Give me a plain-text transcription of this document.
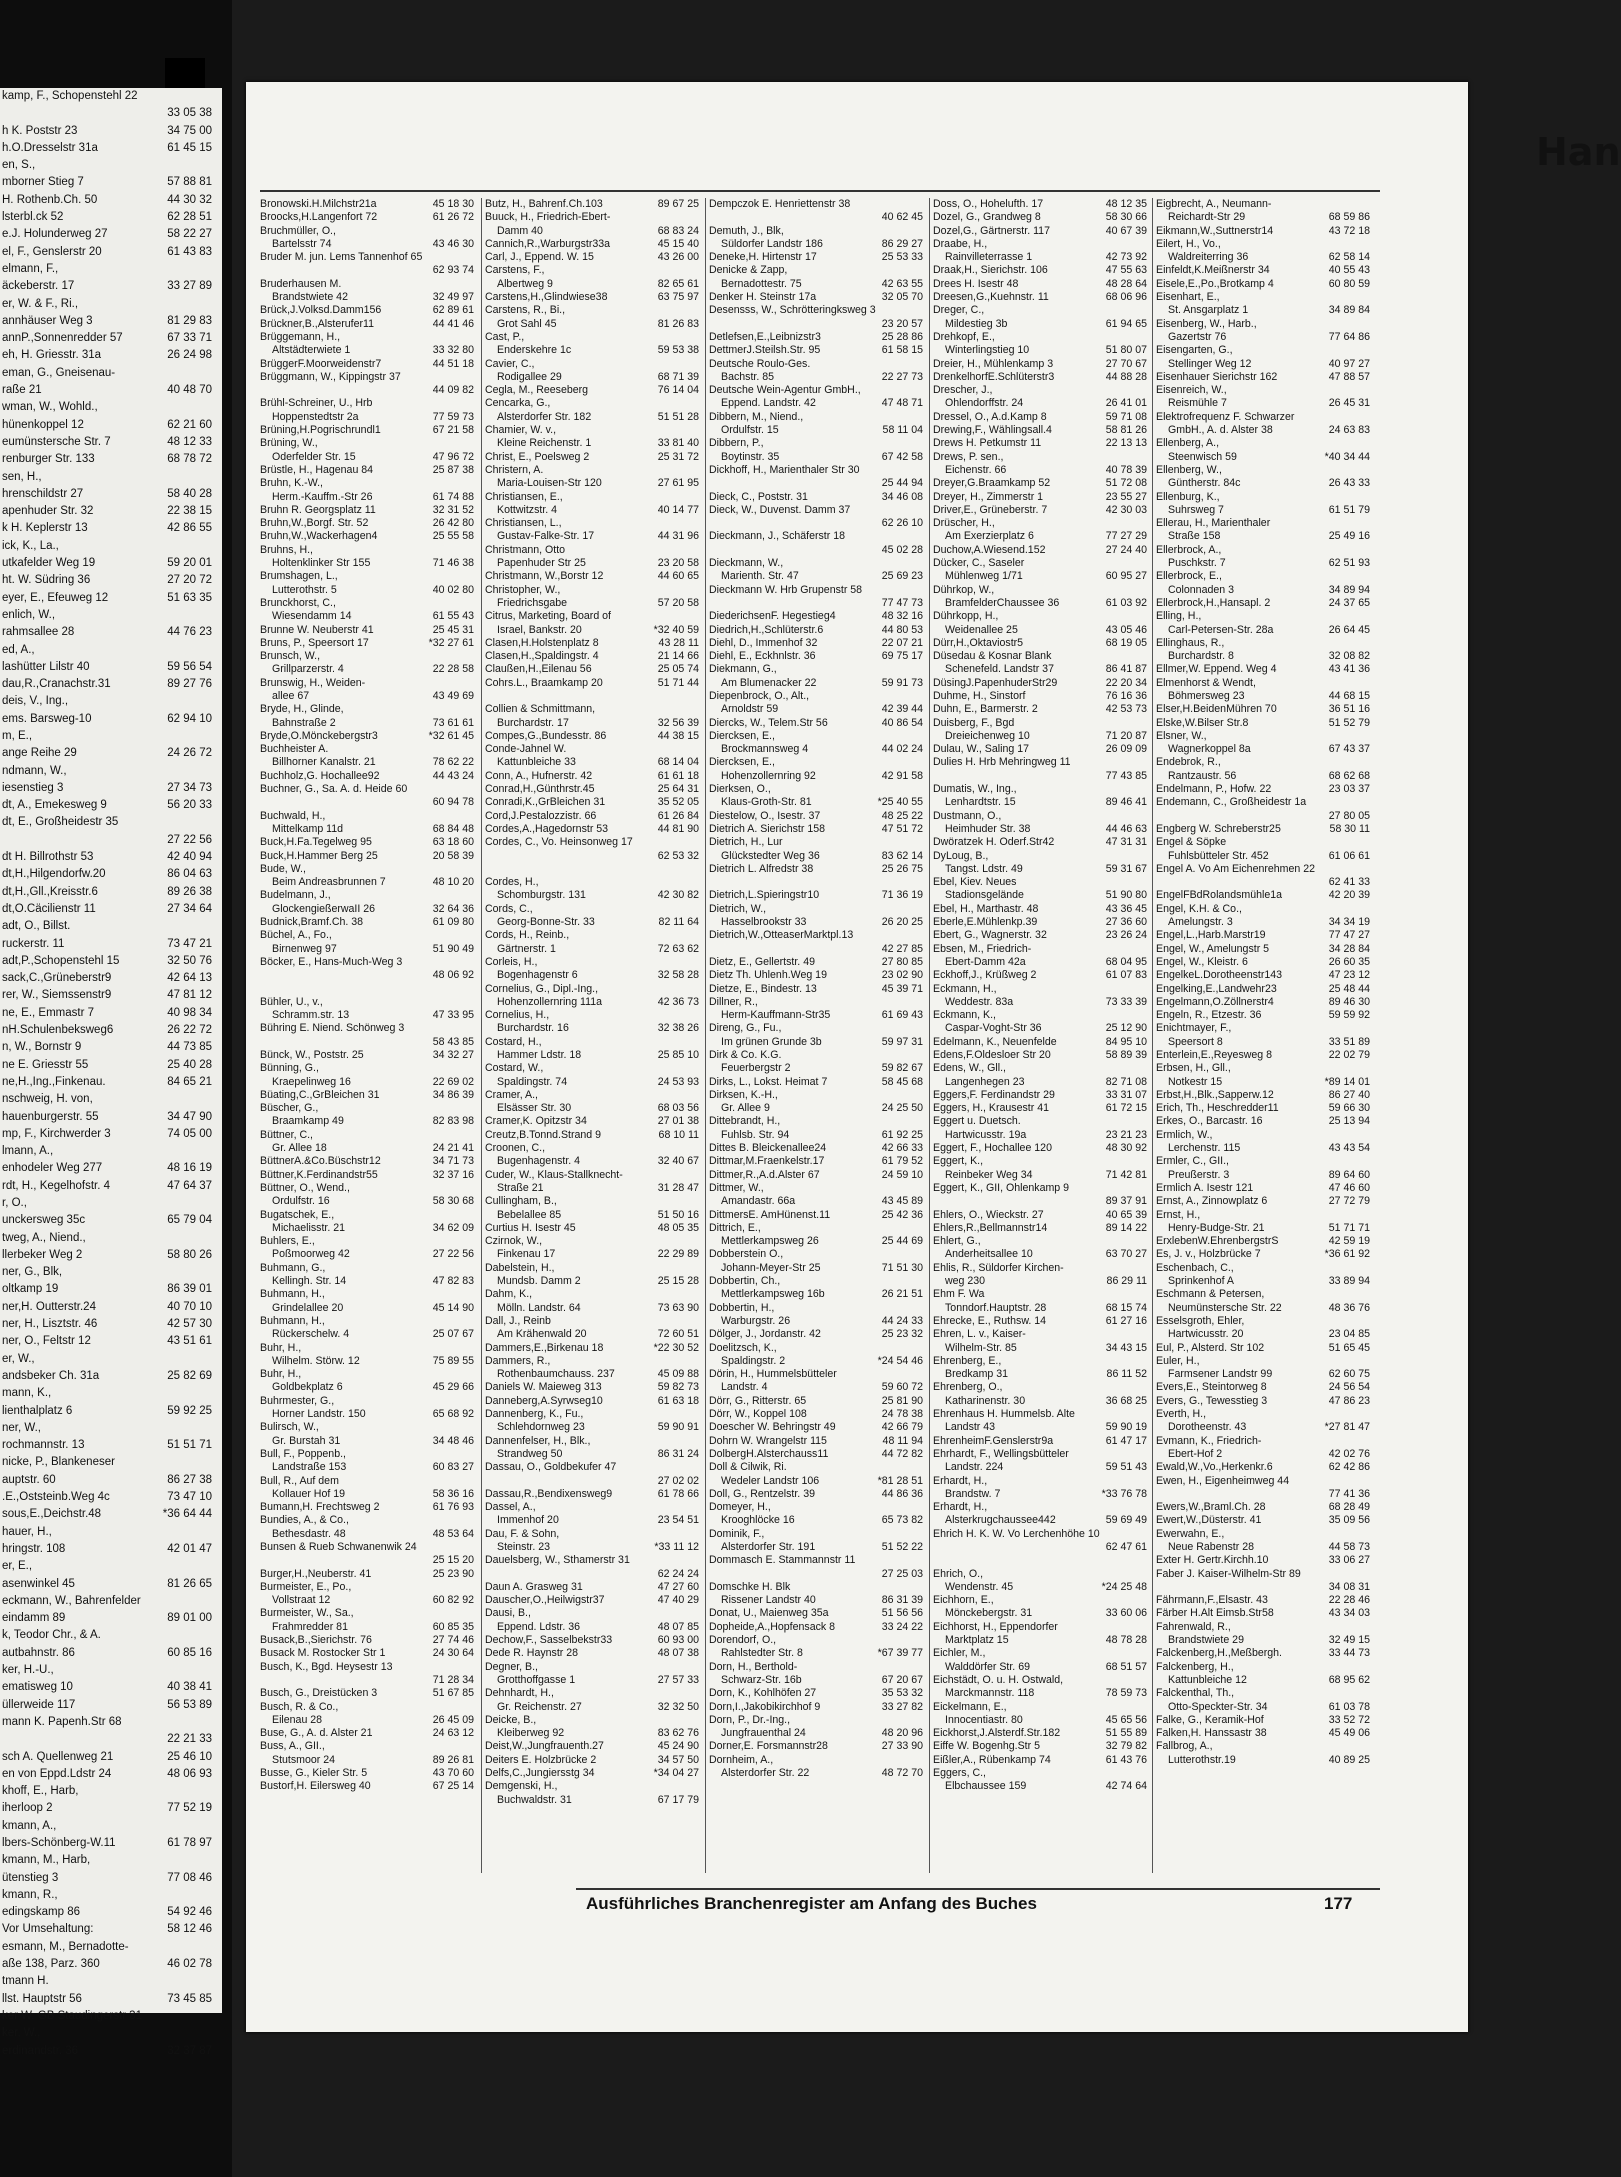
kamp, F., Schopenstehl 22
33 05 38
34 75 00
h K. Poststr 23
61 45 15
h.O.Dresselstr 31a
en, S.,
57 88 81
mborner Stieg 7
44 30 32
H. Rothenb.Ch. 50
62 28 51
lsterbl.ck 52
58 22 27
e.J. Holunderweg 27
61 43 83
el, F., Genslerstr 20
elmann, F.,
33 27 89
äckeberstr. 17
er, W. & F., Ri.,
81 29 83
annhäuser Weg 3
67 33 71
annP.,Sonnenredder 57
26 24 98
eh, H. Griesstr. 31a
eman, G., Gneisenau-
40 48 70
raße 21
wman, W., Wohld.,
62 21 60
hünenkoppel 12
48 12 33
eumünstersche Str. 7
68 78 72
renburger Str. 133
sen, H.,
58 40 28
hrenschildstr 27
22 38 15
apenhuder Str. 32
42 86 55
k H. Keplerstr 13
ick, K., La.,
59 20 01
utkafelder Weg 19
27 20 72
ht. W. Südring 36
51 63 35
eyer, E., Efeuweg 12
enlich, W.,
44 76 23
rahmsallee 28
ed, A.,
59 56 54
lashütter Lilstr 40
89 27 76
dau,R.,Cranachstr.31
deis, V., Ing.,
62 94 10
ems. Barsweg-10
m, E.,
24 26 72
ange Reihe 29
ndmann, W.,
27 34 73
iesenstieg 3
56 20 33
dt, A., Emekesweg 9
dt, E., Großheidestr 35
27 22 56
42 40 94
dt H. Billrothstr 53
86 04 63
dt,H.,Hilgendorfw.20
89 26 38
dt,H.,Gll.,Kreisstr.6
27 34 64
dt,O.Cäcilienstr 11
adt, O., Billst.
73 47 21
ruckerstr. 11
32 50 76
adt,P.,Schopenstehl 15
42 64 13
sack,C.,Grüneberstr9
47 81 12
rer, W., Siemssenstr9
40 98 34
ne, E., Emmastr 7
26 22 72
nH.Schulenbeksweg6
44 73 85
n, W., Bornstr 9
25 40 28
ne E. Griesstr 55
84 65 21
ne,H.,Ing.,Finkenau.
nschweig, H. von,
34 47 90
hauenburgerstr. 55
74 05 00
mp, F., Kirchwerder 3
lmann, A.,
48 16 19
enhodeler Weg 277
47 64 37
rdt, H., Kegelhofstr. 4
r, O.,
65 79 04
unckersweg 35c
tweg, A., Niend.,
58 80 26
llerbeker Weg 2
ner, G., Blk,
86 39 01
oltkamp 19
40 70 10
ner,H. Outterstr.24
42 57 30
ner, H., Lisztstr. 46
43 51 61
ner, O., Feltstr 12
er, W.,
25 82 69
andsbeker Ch. 31a
mann, K.,
59 92 25
lienthalplatz 6
ner, W.,
51 51 71
rochmannstr. 13
nicke, P., Blankeneser
86 27 38
auptstr. 60
73 47 10
.E.,Oststeinb.Weg 4c
*36 64 44
sous,E.,Deichstr.48
hauer, H.,
42 01 47
hringstr. 108
er, E.,
81 26 65
asenwinkel 45
eckmann, W., Bahrenfelder
89 01 00
eindamm 89
k, Teodor Chr., & A.
60 85 16
autbahnstr. 86
ker, H.-U.,
40 38 41
ematisweg 10
56 53 89
üllerweide 117
mann K. Papenh.Str 68
22 21 33
25 46 10
sch A. Quellenweg 21
48 06 93
en von Eppd.Ldstr 24
khoff, E., Harb,
77 52 19
iherloop 2
kmann, A.,
61 78 97
lbers-Schönberg-W.11
kmann, M., Harb,
77 08 46
ütenstieg 3
kmann, R.,
54 92 46
edingskamp 86
58 12 46
Vor Umsehaltung:
esmann, M., Bernadotte-
46 02 78
aße 138, Parz. 360
tmann H.
73 45 85
llst. Hauptstr 56
ker W. GB Staudingerstr 31
ker, W.,
32 37 87
erdinandstr. 36
Han
45 18 30
Bronowski.H.Milchstr21a
61 26 72
Broocks,H.Langenfort 72
Bruchmüller, O.,
43 46 30
Bartelsstr 74
Bruder M. jun. Lems Tannenhof 65
62 93 74
Bruderhausen M.
32 49 97
Brandstwiete 42
62 89 61
Brück,J.Volksd.Damm156
44 41 46
Brückner,B.,Alsterufer11
Brüggemann, H.,
33 32 80
Altstädterwiete 1
44 51 18
BrüggerF.Moorweidenstr7
Brüggmann, W., Kippingstr 37
44 09 82
Brühl-Schreiner, U., Hrb
77 59 73
Hoppenstedtstr 2a
67 21 58
Brüning,H.Pogrischrundl1
Brüning, W.,
47 96 72
Oderfelder Str. 15
25 87 38
Brüstle, H., Hagenau 84
Bruhn, K.-W.,
61 74 88
Herm.-Kauffm.-Str 26
32 31 52
Bruhn R. Georgsplatz 11
26 42 80
Bruhn,W.,Borgf. Str. 52
25 55 58
Bruhn,W.,Wackerhagen4
Bruhns, H.,
71 46 38
Holtenklinker Str 155
Brumshagen, L.,
40 02 80
Lutterothstr. 5
Brunckhorst, C.,
61 55 43
Wiesendamm 14
25 45 31
Brunne W. Neuberstr 41
*32 27 61
Bruns, P., Speersort 17
Brunsch, W.,
22 28 58
Grillparzerstr. 4
Brunswig, H., Weiden-
43 49 69
allee 67
Bryde, H., Glinde,
73 61 61
Bahnstraße 2
*32 61 45
Bryde,O.Mönckebergstr3
Buchheister A.
78 62 22
Billhorner Kanalstr. 21
44 43 24
Buchholz,G. Hochallee92
Buchner, G., Sa. A. d. Heide 60
60 94 78
Buchwald, H.,
68 84 48
Mittelkamp 11d
63 18 60
Buck,H.Fa.Tegelweg 95
20 58 39
Buck,H.Hammer Berg 25
Bude, W.,
48 10 20
Beim Andreasbrunnen 7
Budelmann, J.,
32 64 36
GlockengießerwaII 26
61 09 80
Budnick,Bramf.Ch. 38
Büchel, A., Fo.,
51 90 49
Birnenweg 97
Böcker, E., Hans-Much-Weg 3
48 06 92
Bühler, U., v.,
47 33 95
Schramm.str. 13
Bühring E. Niend. Schönweg 3
58 43 85
34 32 27
Bünck, W., Poststr. 25
Bünning, G.,
22 69 02
Kraepelinweg 16
34 86 39
Büating,C.,GrBleichen 31
Büscher, G.,
82 83 98
Braamkamp 49
Büttner, C.,
24 21 41
Gr. Allee 18
34 71 73
BüttnerA.&Co.Büschstr12
32 37 16
Büttner,K.Ferdinandstr55
Büttner, O., Wend.,
58 30 68
Ordulfstr. 16
Bugatschek, E.,
34 62 09
Michaelisstr. 21
Buhlers, E.,
27 22 56
Poßmoorweg 42
Buhmann, G.,
47 82 83
Kellingh. Str. 14
Buhmann, H.,
45 14 90
Grindelallee 20
Buhmann, H.,
25 07 67
Rückerschelw. 4
Buhr, H.,
75 89 55
Wilhelm. Störw. 12
Buhr, H.,
45 29 66
Goldbekplatz 6
Buhrmester, G.,
65 68 92
Horner Landstr. 150
Bulirsch, W.,
34 48 46
Gr. Burstah 31
Bull, F., Poppenb.,
60 83 27
Landstraße 153
Bull, R., Auf dem
58 36 16
Kollauer Hof 19
61 76 93
Bumann,H. Frechtsweg 2
Bundies, A., & Co.,
48 53 64
Bethesdastr. 48
Bunsen & Rueb Schwanenwik 24
25 15 20
25 23 90
Burger,H.,Neuberstr. 41
Burmeister, E., Po.,
60 82 92
Vollstraat 12
Burmeister, W., Sa.,
60 85 35
Frahmredder 81
27 74 46
Busack,B.,Sierichstr. 76
24 30 64
Busack M. Rostocker Str 1
Busch, K., Bgd. Heysestr 13
71 28 34
51 67 85
Busch, G., Dreistücken 3
Busch, R. & Co.,
26 45 09
Eilenau 28
24 63 12
Buse, G., A. d. Alster 21
Buss, A., GII.,
89 26 81
Stutsmoor 24
43 70 60
Busse, G., Kieler Str. 5
67 25 14
Bustorf,H. Eilersweg 40
89 67 25
Butz, H., Bahrenf.Ch.103
Buuck, H., Friedrich-Ebert-
68 83 24
Damm 40
45 15 40
Cannich,R.,Warburgstr33a
43 26 00
Carl, J., Eppend. W. 15
Carstens, F.,
82 65 61
Albertweg 9
63 75 97
Carstens,H.,Glindwiese38
Carstens, R., Bi.,
81 26 83
Grot Sahl 45
Cast, P.,
59 53 38
Enderskehre 1c
Cavier, C.,
68 71 39
Rodigallee 29
76 14 04
Cegla, M., Reeseberg
Cencarka, G.,
51 51 28
Alsterdorfer Str. 182
Chamier, W. v.,
33 81 40
Kleine Reichenstr. 1
25 31 72
Christ, E., Poelsweg 2
Christern, A.
27 61 95
Maria-Louisen-Str 120
Christiansen, E.,
40 14 77
Kottwitzstr. 4
Christiansen, L.,
44 31 96
Gustav-Falke-Str. 17
Christmann, Otto
23 20 58
Papenhuder Str 25
44 60 65
Christmann, W.,Borstr 12
Christopher, W.,
57 20 58
Friedrichsgabe
Citrus, Marketing, Board of
*32 40 59
Israel, Bankstr. 20
43 28 11
Clasen,H.Holstenplatz 8
21 14 66
Clasen,H.,Spaldingstr. 4
25 05 74
Claußen,H.,Eilenau 56
51 71 44
Cohrs.L., Braamkamp 20
Collien & Schmittmann,
32 56 39
Burchardstr. 17
44 38 15
Compes,G.,Bundesstr. 86
Conde-Jahnel W.
68 14 04
Kattunbleiche 33
61 61 18
Conn, A., Hufnerstr. 42
25 64 31
Conrad,H.,Günthrstr.45
35 52 05
Conradi,K.,GrBleichen 31
61 26 84
Cord,J.Pestalozzistr. 66
44 81 90
Cordes,A.,Hagedornstr 53
Cordes, C., Vo. Heinsonweg 17
62 53 32
Cordes, H.,
42 30 82
Schomburgstr. 131
Cords, C.,
82 11 64
Georg-Bonne-Str. 33
Cords, H., Reinb.,
72 63 62
Gärtnerstr. 1
Corleis, H.,
32 58 28
Bogenhagenstr 6
Cornelius, G., Dipl.-Ing.,
42 36 73
Hohenzollernring 111a
Cornelius, H.,
32 38 26
Burchardstr. 16
Costard, H.,
25 85 10
Hammer Ldstr. 18
Costard, W.,
24 53 93
Spaldingstr. 74
Cramer, A.,
68 03 56
Elsässer Str. 30
27 01 38
Cramer,K. Opitzstr 34
68 10 11
Creutz,B.Tonnd.Strand 9
Croonen, C.,
32 40 67
Bugenhagenstr. 4
Cuder, W., Klaus-Stallknecht-
31 28 47
Straße 21
Cullingham, B.,
51 50 16
Bebelallee 85
48 05 35
Curtius H. Isestr 45
Czirnok, W.,
22 29 89
Finkenau 17
Dabelstein, H.,
25 15 28
Mundsb. Damm 2
Dahm, K.,
73 63 90
Mölln. Landstr. 64
Dall, J., Reinb
72 60 51
Am Krähenwald 20
*22 30 52
Dammers,E.,Birkenau 18
Dammers, R.,
45 09 88
Rothenbaumchauss. 237
59 82 73
Daniels W. Maieweg 313
61 63 18
Danneberg,A.Syrwseg10
Dannenberg, K., Fu.,
59 90 91
Schlehdornweg 23
Dannenfelser, H., Blk.,
86 31 24
Strandweg 50
Dassau, O., Goldbekufer 47
27 02 02
61 78 66
Dassau,R.,Bendixensweg9
Dassel, A.,
23 54 51
Immenhof 20
Dau, F. & Sohn,
*33 11 12
Steinstr. 23
Dauelsberg, W., Sthamerstr 31
62 24 24
47 27 60
Daun A. Grasweg 31
47 40 29
Dauscher,O.,Heilwigstr37
Dausi, B.,
48 07 85
Eppend. Ldstr. 36
60 93 00
Dechow,F., Sasselbekstr33
48 07 38
Dede R. Haynstr 28
Degner, B.,
27 57 33
Grotthoffgasse 1
Dehnhardt, H.,
32 32 50
Gr. Reichenstr. 27
Deicke, B.,
83 62 76
Kleiberweg 92
45 24 90
Deist,W.,Jungfrauenth.27
34 57 50
Deiters E. Holzbrücke 2
*34 04 27
Delfs,C.,Jungiersstg 34
Demgenski, H.,
67 17 79
Buchwaldstr. 31
Dempczok E. Henriettenstr 38
40 62 45
Demuth, J., Blk,
86 29 27
Süldorfer Landstr 186
25 53 33
Deneke,H. Hirtenstr 17
Denicke & Zapp,
42 63 55
Bernadottestr. 75
32 05 70
Denker H. Steinstr 17a
Desensss, W., Schrötteringksweg 3
23 20 57
25 28 86
Detlefsen,E.,Leibnizstr3
61 58 15
DettmerJ.Steilsh.Str. 95
Deutsche Roulo-Ges.
22 27 73
Bachstr. 85
Deutsche Wein-Agentur GmbH.,
47 48 71
Eppend. Landstr. 42
Dibbern, M., Niend.,
58 11 04
Ordulfstr. 15
Dibbern, P.,
67 42 58
Boytinstr. 35
Dickhoff, H., Marienthaler Str 30
25 44 94
34 46 08
Dieck, C., Poststr. 31
Dieck, W., Duvenst. Damm 37
62 26 10
Dieckmann, J., Schäferstr 18
45 02 28
Dieckmann, W.,
25 69 23
Marienth. Str. 47
Dieckmann W. Hrb Grupenstr 58
77 47 73
48 32 16
DiederichsenF. Hegestieg4
44 80 53
Diedrich,H.,Schlüterstr.6
22 07 21
Diehl, D., Immenhof 32
69 75 17
Diehl, E., Eckhnlstr. 36
Diekmann, G.,
59 91 73
Am Blumenacker 22
Diepenbrock, O., Alt.,
42 39 44
Arnoldstr 59
40 86 54
Diercks, W., Telem.Str 56
Diercksen, E.,
44 02 24
Brockmannsweg 4
Diercksen, E.,
42 91 58
Hohenzollernring 92
Dierksen, O.,
*25 40 55
Klaus-Groth-Str. 81
48 25 22
Diestelow, O., Isestr. 37
47 51 72
Dietrich A. Sierichstr 158
Dietrich, H., Lur
83 62 14
Glückstedter Weg 36
25 26 75
Dietrich L. Alfredstr 38
71 36 19
Dietrich,L.Spieringstr10
Dietrich, W.,
26 20 25
Hasselbrookstr 33
Dietrich,W.,OtteaserMarktpl.13
42 27 85
27 80 85
Dietz, E., Gellertstr. 49
23 02 90
Dietz Th. Uhlenh.Weg 19
45 39 71
Dietze, E., Bindestr. 13
Dillner, R.,
61 69 43
Herm-Kauffmann-Str35
Direng, G., Fu.,
59 97 31
Im grünen Grunde 3b
Dirk & Co. K.G.
59 82 67
Feuerbergstr 2
58 45 68
Dirks, L., Lokst. Heimat 7
Dirksen, K.-H.,
24 25 50
Gr. Allee 9
Dittebrandt, H.,
61 92 25
Fuhlsb. Str. 94
42 66 33
Dittes B. Bleickenallee24
61 79 52
Dittmar,M.Fraenkelstr.17
24 59 10
Dittmer,R.,A.d.Alster 67
Dittmer, W.,
43 45 89
Amandastr. 66a
25 42 36
DittmersE. AmHünenst.11
Dittrich, E.,
25 44 69
Mettlerkampsweg 26
Dobberstein O.,
71 51 30
Johann-Meyer-Str 25
Dobbertin, Ch.,
26 21 51
Mettlerkampsweg 16b
Dobbertin, H.,
44 24 33
Warburgstr. 26
25 23 32
Dölger, J., Jordanstr. 42
Doelitzsch, K.,
*24 54 46
Spaldingstr. 2
Dörin, H., Hummelsbütteler
59 60 72
Landstr. 4
25 81 90
Dörr, G., Ritterstr. 65
24 78 38
Dörr, W., Koppel 108
42 66 79
Doescher W. Behringstr 49
48 11 94
Dohrn W. Wrangelstr 115
44 72 82
DolbergH.Alsterchauss11
Doll & Cilwik, Ri.
*81 28 51
Wedeler Landstr 106
44 86 36
Doll, G., Rentzelstr. 39
Domeyer, H.,
65 73 82
Krooghlöcke 16
Dominik, F.,
51 52 22
Alsterdorfer Str. 191
Dommasch E. Stammannstr 11
27 25 03
Domschke H. Blk
86 31 39
Rissener Landstr 40
51 56 56
Donat, U., Maienweg 35a
33 24 22
Dopheide,A.,Hopfensack 8
Dorendorf, O.,
*67 39 77
Rahlstedter Str. 8
Dorn, H., Berthold-
67 20 67
Schwarz-Str. 16b
35 53 32
Dorn, K., Kohlhöfen 27
33 27 82
Dorn,I.,Jakobikirchhof 9
Dorn, P., Dr.-Ing.,
48 20 96
Jungfrauenthal 24
27 33 90
Dorner,E. Forsmannstr28
Dornheim, A.,
48 72 70
Alsterdorfer Str. 22
48 12 35
Doss, O., Hohelufth. 17
58 30 66
Dozel, G., Grandweg 8
40 67 39
Dozel,G., Gärtnerstr. 117
Draabe, H.,
42 73 92
Rainvilleterrasse 1
47 55 63
Draak,H., Sierichstr. 106
48 28 64
Drees H. Isestr 48
68 06 96
Dreesen,G.,Kuehnstr. 11
Dreger, C.,
61 94 65
Mildestieg 3b
Drehkopf, E.,
51 80 07
Winterlingstieg 10
27 70 67
Dreier, H., Mühlenkamp 3
44 88 28
DrenkelhorfE.Schlüterstr3
Drescher, J.,
26 41 01
Ohlendorffstr. 24
59 71 08
Dressel, O., A.d.Kamp 8
58 81 26
Drewing,F., Wählingsall.4
22 13 13
Drews H. Petkumstr 11
Drews, P. sen.,
40 78 39
Eichenstr. 66
51 72 08
Dreyer,G.Braamkamp 52
23 55 27
Dreyer, H., Zimmerstr 1
42 30 03
Driver,E., Grüneberstr. 7
Drüscher, H.,
77 27 29
Am Exerzierplatz 6
27 24 40
Duchow,A.Wiesend.152
Dücker, C., Saseler
60 95 27
Mühlenweg 1/71
Dührkop, W.,
61 03 92
BramfelderChaussee 36
Dührkopp, H.,
43 05 46
Weidenallee 25
68 19 05
Dürr,H.,Oktaviostr5
Düsedau & Kosnar Blank
86 41 87
Schenefeld. Landstr 37
22 20 34
DüsingJ.PapenhuderStr29
76 16 36
Duhme, H., Sinstorf
42 53 73
Duhn, E., Barmerstr. 2
Duisberg, F., Bgd
71 20 87
Dreieichenweg 10
26 09 09
Dulau, W., Saling 17
Dulies H. Hrb Mehringweg 11
77 43 85
Dumatis, W., Ing.,
89 46 41
Lenhardtstr. 15
Dustmann, O.,
44 46 63
Heimhuder Str. 38
47 31 31
Dwöratzek H. Oderf.Str42
DyLoug, B.,
59 31 67
Tangst. Ldstr. 49
Ebel, Kiev. Neues
51 90 80
Stadionsgelände
43 36 45
Ebel, H., Marthastr. 48
27 36 60
Eberle,E.Mühlenkp.39
23 26 24
Ebert, G., Wagnerstr. 32
Ebsen, M., Friedrich-
68 04 95
Ebert-Damm 42a
61 07 83
Eckhoff,J., Krüßweg 2
Eckmann, H.,
73 33 39
Weddestr. 83a
Eckmann, K.,
25 12 90
Caspar-Voght-Str 36
84 95 10
Edelmann, K., Neuenfelde
58 89 39
Edens,F.Oldesloer Str 20
Edens, W., Gll.,
82 71 08
Langenhegen 23
33 31 07
Eggers,F. Ferdinandstr 29
61 72 15
Eggers, H., Krausestr 41
Eggert u. Duetsch.
23 21 23
Hartwicusstr. 19a
48 30 92
Eggert, F., Hochallee 120
Eggert, K.,
71 42 81
Reinbeker Weg 34
Eggert, K., GII, Ohlenkamp 9
89 37 91
40 65 39
Ehlers, O., Wieckstr. 27
89 14 22
Ehlers,R.,Bellmannstr14
Ehlert, G.,
63 70 27
Anderheitsallee 10
Ehlis, R., Süldorfer Kirchen-
86 29 11
weg 230
Ehm F. Wa
68 15 74
Tonndorf.Hauptstr. 28
61 27 16
Ehrecke, E., Ruthsw. 14
Ehren, L. v., Kaiser-
34 43 15
Wilhelm-Str. 85
Ehrenberg, E.,
86 11 52
Bredkamp 31
Ehrenberg, O.,
36 68 25
Katharinenstr. 30
Ehrenhaus H. Hummelsb. Alte
59 90 19
Landstr 43
61 47 17
EhrenheimF.Genslerstr9a
Ehrhardt, F., Wellingsbütteler
59 51 43
Landstr. 224
Erhardt, H.,
*33 76 78
Brandstw. 7
Erhardt, H.,
59 69 49
Alsterkrugchaussee442
Ehrich H. K. W. Vo Lerchenhöhe 10
62 47 61
Ehrich, O.,
*24 25 48
Wendenstr. 45
Eichhorn, E.,
33 60 06
Mönckebergstr. 31
Eichhorst, H., Eppendorfer
48 78 28
Marktplatz 15
Eichler, M.,
68 51 57
Walddörfer Str. 69
Eichstädt, O. u. H. Ostwald,
78 59 73
Marckmannstr. 118
Eickelmann, E.,
45 65 56
Innocentiastr. 80
51 55 89
Eickhorst,J.Alsterdf.Str.182
32 79 82
Eiffe W. Bogenhg.Str 5
61 43 76
Eißler,A., Rübenkamp 74
Eggers, C.,
42 74 64
Elbchaussee 159
Eigbrecht, A., Neumann-
68 59 86
Reichardt-Str 29
43 72 18
Eikmann,W.,Suttnerstr14
Eilert, H., Vo.,
62 58 14
Waldreiterring 36
40 55 43
Einfeldt,K.Meißnerstr 34
60 80 59
Eisele,E.,Po.,Brotkamp 4
Eisenhart, E.,
34 89 84
St. Ansgarplatz 1
Eisenberg, W., Harb.,
77 64 86
Gazertstr 76
Eisengarten, G.,
40 97 27
Stellinger Weg 12
47 88 57
Eisenhauer Sierichstr 162
Eisenreich, W.,
26 45 31
Reismühle 7
Elektrofrequenz F. Schwarzer
24 63 83
GmbH., A. d. Alster 38
Ellenberg, A.,
*40 34 44
Steenwisch 59
Ellenberg, W.,
26 43 33
Güntherstr. 84c
Ellenburg, K.,
61 51 79
Suhrsweg 7
Ellerau, H., Marienthaler
25 49 16
Straße 158
Ellerbrock, A.,
62 51 93
Puschkstr. 7
Ellerbrock, E.,
34 89 94
Colonnaden 3
24 37 65
Ellerbrock,H.,Hansapl. 2
Elling, H.,
26 64 45
Carl-Petersen-Str. 28a
Ellinghaus, R.,
32 08 82
Burchardstr. 8
43 41 36
Ellmer,W. Eppend. Weg 4
Elmenhorst & Wendt,
44 68 15
Böhmersweg 23
36 51 16
Elser,H.BeidenMühren 70
51 52 79
Elske,W.Bilser Str.8
Elsner, W.,
67 43 37
Wagnerkoppel 8a
Endebrok, R.,
68 62 68
Rantzaustr. 56
23 03 37
Endelmann, P., Hofw. 22
Endemann, C., Großheidestr 1a
27 80 05
58 30 11
Engberg W. Schreberstr25
Engel & Söpke
61 06 61
Fuhlsbütteler Str. 452
Engel A. Vo Am Eichenrehmen 22
62 41 33
42 20 39
EngelFBdRolandsmühle1a
Engel, K.H. & Co.,
34 34 19
Amelungstr. 3
77 47 27
Engel,L.,Harb.Marstr19
34 28 84
Engel, W., Amelungstr 5
26 60 35
Engel, W., Kleistr. 6
47 23 12
EngelkeL.Dorotheenstr143
25 48 44
Engelking,E.,Landwehr23
89 46 30
Engelmann,O.Zöllnerstr4
59 59 92
Engeln, R., Etzestr. 36
Enichtmayer, F.,
33 51 89
Speersort 8
22 02 79
Enterlein,E.,Reyesweg 8
Erbsen, H., Gll.,
*89 14 01
Notkestr 15
86 27 40
Erbst,H.,Blk.,Sapperw.12
59 66 30
Erich, Th., Heschredder11
25 13 94
Erkes, O., Barcastr. 16
Ermlich, W.,
43 43 54
Lerchenstr. 115
Ermler, C., GII.,
89 64 60
Preußerstr. 3
47 46 60
Ermlich A. Isestr 121
27 72 79
Ernst, A., Zinnowplatz 6
Ernst, H.,
51 71 71
Henry-Budge-Str. 21
42 59 19
ErxlebenW.EhrenbergstrS
*36 61 92
Es, J. v., Holzbrücke 7
Eschenbach, C.,
33 89 94
Sprinkenhof A
Eschmann & Petersen,
48 36 76
Neumünstersche Str. 22
Esselsgroth, Ehler,
23 04 85
Hartwicusstr. 20
51 65 45
Eul, P., Alsterd. Str 102
Euler, H.,
62 60 75
Farmsener Landstr 99
24 56 54
Evers,E., Steintorweg 8
47 86 23
Evers, G., Tewesstieg 3
Everth, H.,
*27 81 47
Dorotheenstr. 43
Evmann, K., Friedrich-
42 02 76
Ebert-Hof 2
62 42 86
Ewald,W.,Vo.,Herkenkr.6
Ewen, H., Eigenheimweg 44
77 41 36
68 28 49
Ewers,W.,Braml.Ch. 28
35 09 56
Ewert,W.,Düsterstr. 41
Ewerwahn, E.,
44 58 73
Neue Rabenstr 28
33 06 27
Exter H. Gertr.Kirchh.10
Faber J. Kaiser-Wilhelm-Str 89
34 08 31
22 28 46
Fährmann,F.,Elsastr. 43
43 34 03
Färber H.Alt Eimsb.Str58
Fahrenwald, R.,
32 49 15
Brandstwiete 29
33 44 73
Falckenberg,H.,Meßbergh.
Falckenberg, H.,
68 95 62
Kattunbleiche 12
Falckenthal, Th.,
61 03 78
Otto-Speckter-Str. 34
33 52 72
Falke, G., Keramik-Hof
45 49 06
Falken,H. Hanssastr 38
Fallbrog, A.,
40 89 25
Lutterothstr.19
Ausführliches Branchenregister am Anfang des Buches	177
